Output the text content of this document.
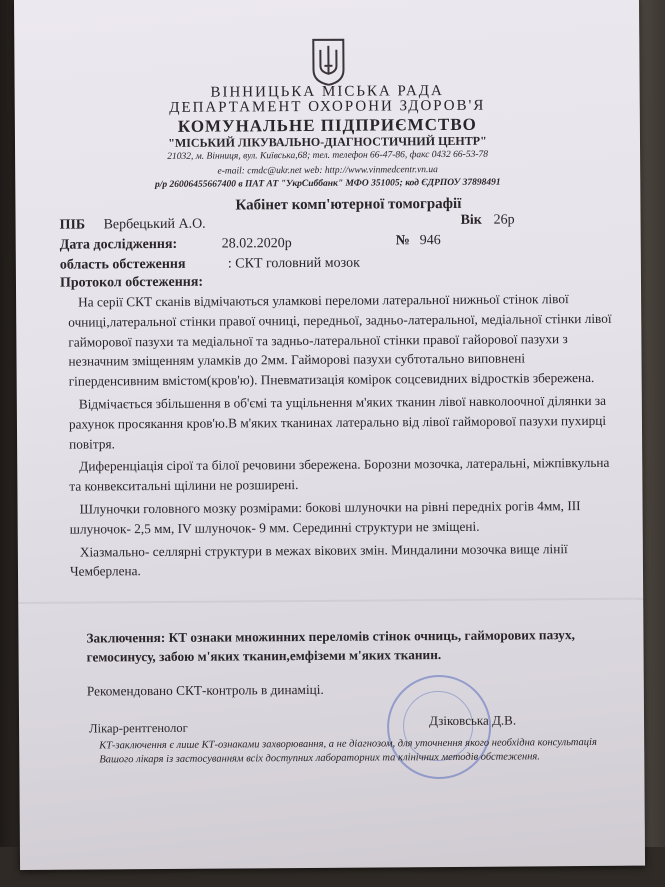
ВІННИЦЬКА МІСЬКА РАДА
ДЕПАРТАМЕНТ ОХОРОНИ ЗДОРОВ'Я
КОМУНАЛЬНЕ ПІДПРИЄМСТВО
"МІСЬКИЙ ЛІКУВАЛЬНО-ДІАГНОСТИЧНИЙ ЦЕНТР"
21032, м. Вінниця, вул. Київська,68; тел. телефон 66-47-86, факс 0432 66-53-78
e-mail: cmdc@ukr.net web: http://www.vinmedcentr.vn.ua
р/р 26006455667400 в ПАТ АТ "УкрСиббанк" МФО 351005; код ЄДРПОУ 37898491
Кабінет комп'ютерної томографії
ПІБ Вербецький А.О.	Вік 26р
Дата дослідження:	28.02.2020р	№ 946
область обстеження	: СКТ головний мозок
Протокол обстеження:

На серії СКТ сканів відмічаються уламкові переломи латеральної нижньої стінок лівої очниці,латеральної стінки правої очниці, передньої, задньо-латеральної, медіальної стінки лівої гайморової пазухи та медіальної та задньо-латеральної стінки правої гайорової пазухи з незначним зміщенням уламків до 2мм. Гайморові пазухи субтотально виповнені гіперденсивним вмістом(кров'ю). Пневматизація комірок соцсевидних відростків збережена.

Відмічається збільшення в об'ємі та ущільнення м'яких тканин лівої навколоочної ділянки за рахунок просякання кров'ю.В м'яких тканинах латерально від лівої гайморової пазухи пухирці повітря.

Диференціація сірої та білої речовини збережена. Борозни мозочка, латеральні, міжпівкульна та конвекситальні щілини не розширені.

Шлуночки головного мозку розмірами: бокові шлуночки на рівні передніх рогів 4мм, ІІІ шлуночок- 2,5 мм, IV шлуночок- 9 мм. Серединні структури не зміщені.

Хіазмально- селлярні структури в межах вікових змін. Миндалини мозочка вище лінії Чемберлена.

Заключення: КТ ознаки множинних переломів стінок очниць, гайморових пазух, гемосинусу, забою м'яких тканин,емфіземи м'яких тканин.
Рекомендовано СКТ-контроль в динаміці.
Лікар-рентгенолог
Дзіковська Д.В.
КТ-заключення є лише КТ-ознаками захворювання, а не діагнозом, для уточнення якого необхідна консультація Вашого лікаря із застосуванням всіх доступних лабораторних та клінічних методів обстеження.
